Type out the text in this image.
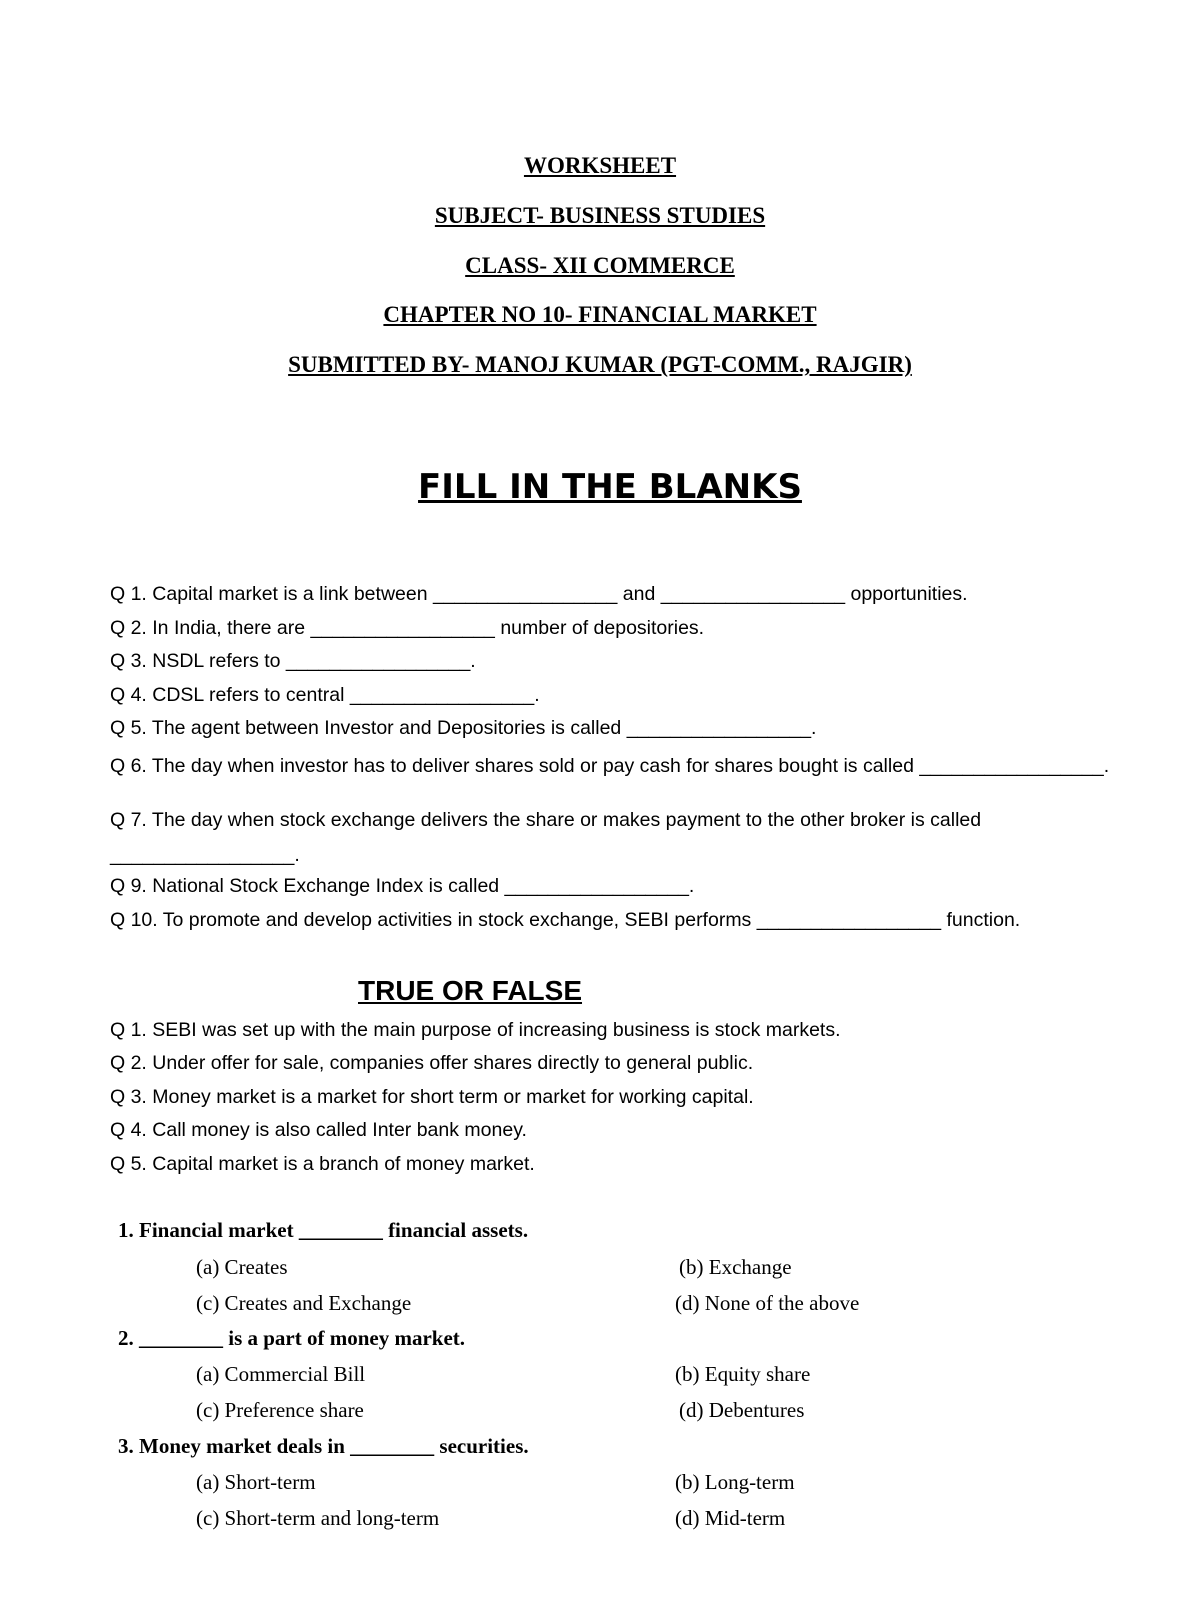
WORKSHEET
SUBJECT- BUSINESS STUDIES
CLASS- XII COMMERCE
CHAPTER NO 10- FINANCIAL MARKET
SUBMITTED BY- MANOJ KUMAR (PGT-COMM., RAJGIR)
FILL IN THE BLANKS
Q 1. Capital market is a link between _________________ and _________________ opportunities.
Q 2. In India, there are _________________ number of depositories.
Q 3. NSDL refers to _________________.
Q 4. CDSL refers to central _________________.
Q 5. The agent between Investor and Depositories is called _________________.
Q 6. The day when investor has to deliver shares sold or pay cash for shares bought is called _________________.
Q 7. The day when stock exchange delivers the share or makes payment to the other broker is called
_________________.
Q 9. National Stock Exchange Index is called _________________.
Q 10. To promote and develop activities in stock exchange, SEBI performs _________________ function.
TRUE OR FALSE
Q 1. SEBI was set up with the main purpose of increasing business is stock markets.
Q 2. Under offer for sale, companies offer shares directly to general public.
Q 3. Money market is a market for short term or market for working capital.
Q 4. Call money is also called Inter bank money.
Q 5. Capital market is a branch of money market.
1. Financial market ________ financial assets.
(a) Creates	(b) Exchange
(c) Creates and Exchange	(d) None of the above
2. ________ is a part of money market.
(a) Commercial Bill	(b) Equity share
(c) Preference share	(d) Debentures
3. Money market deals in ________ securities.
(a) Short-term	(b) Long-term
(c) Short-term and long-term	(d) Mid-term
